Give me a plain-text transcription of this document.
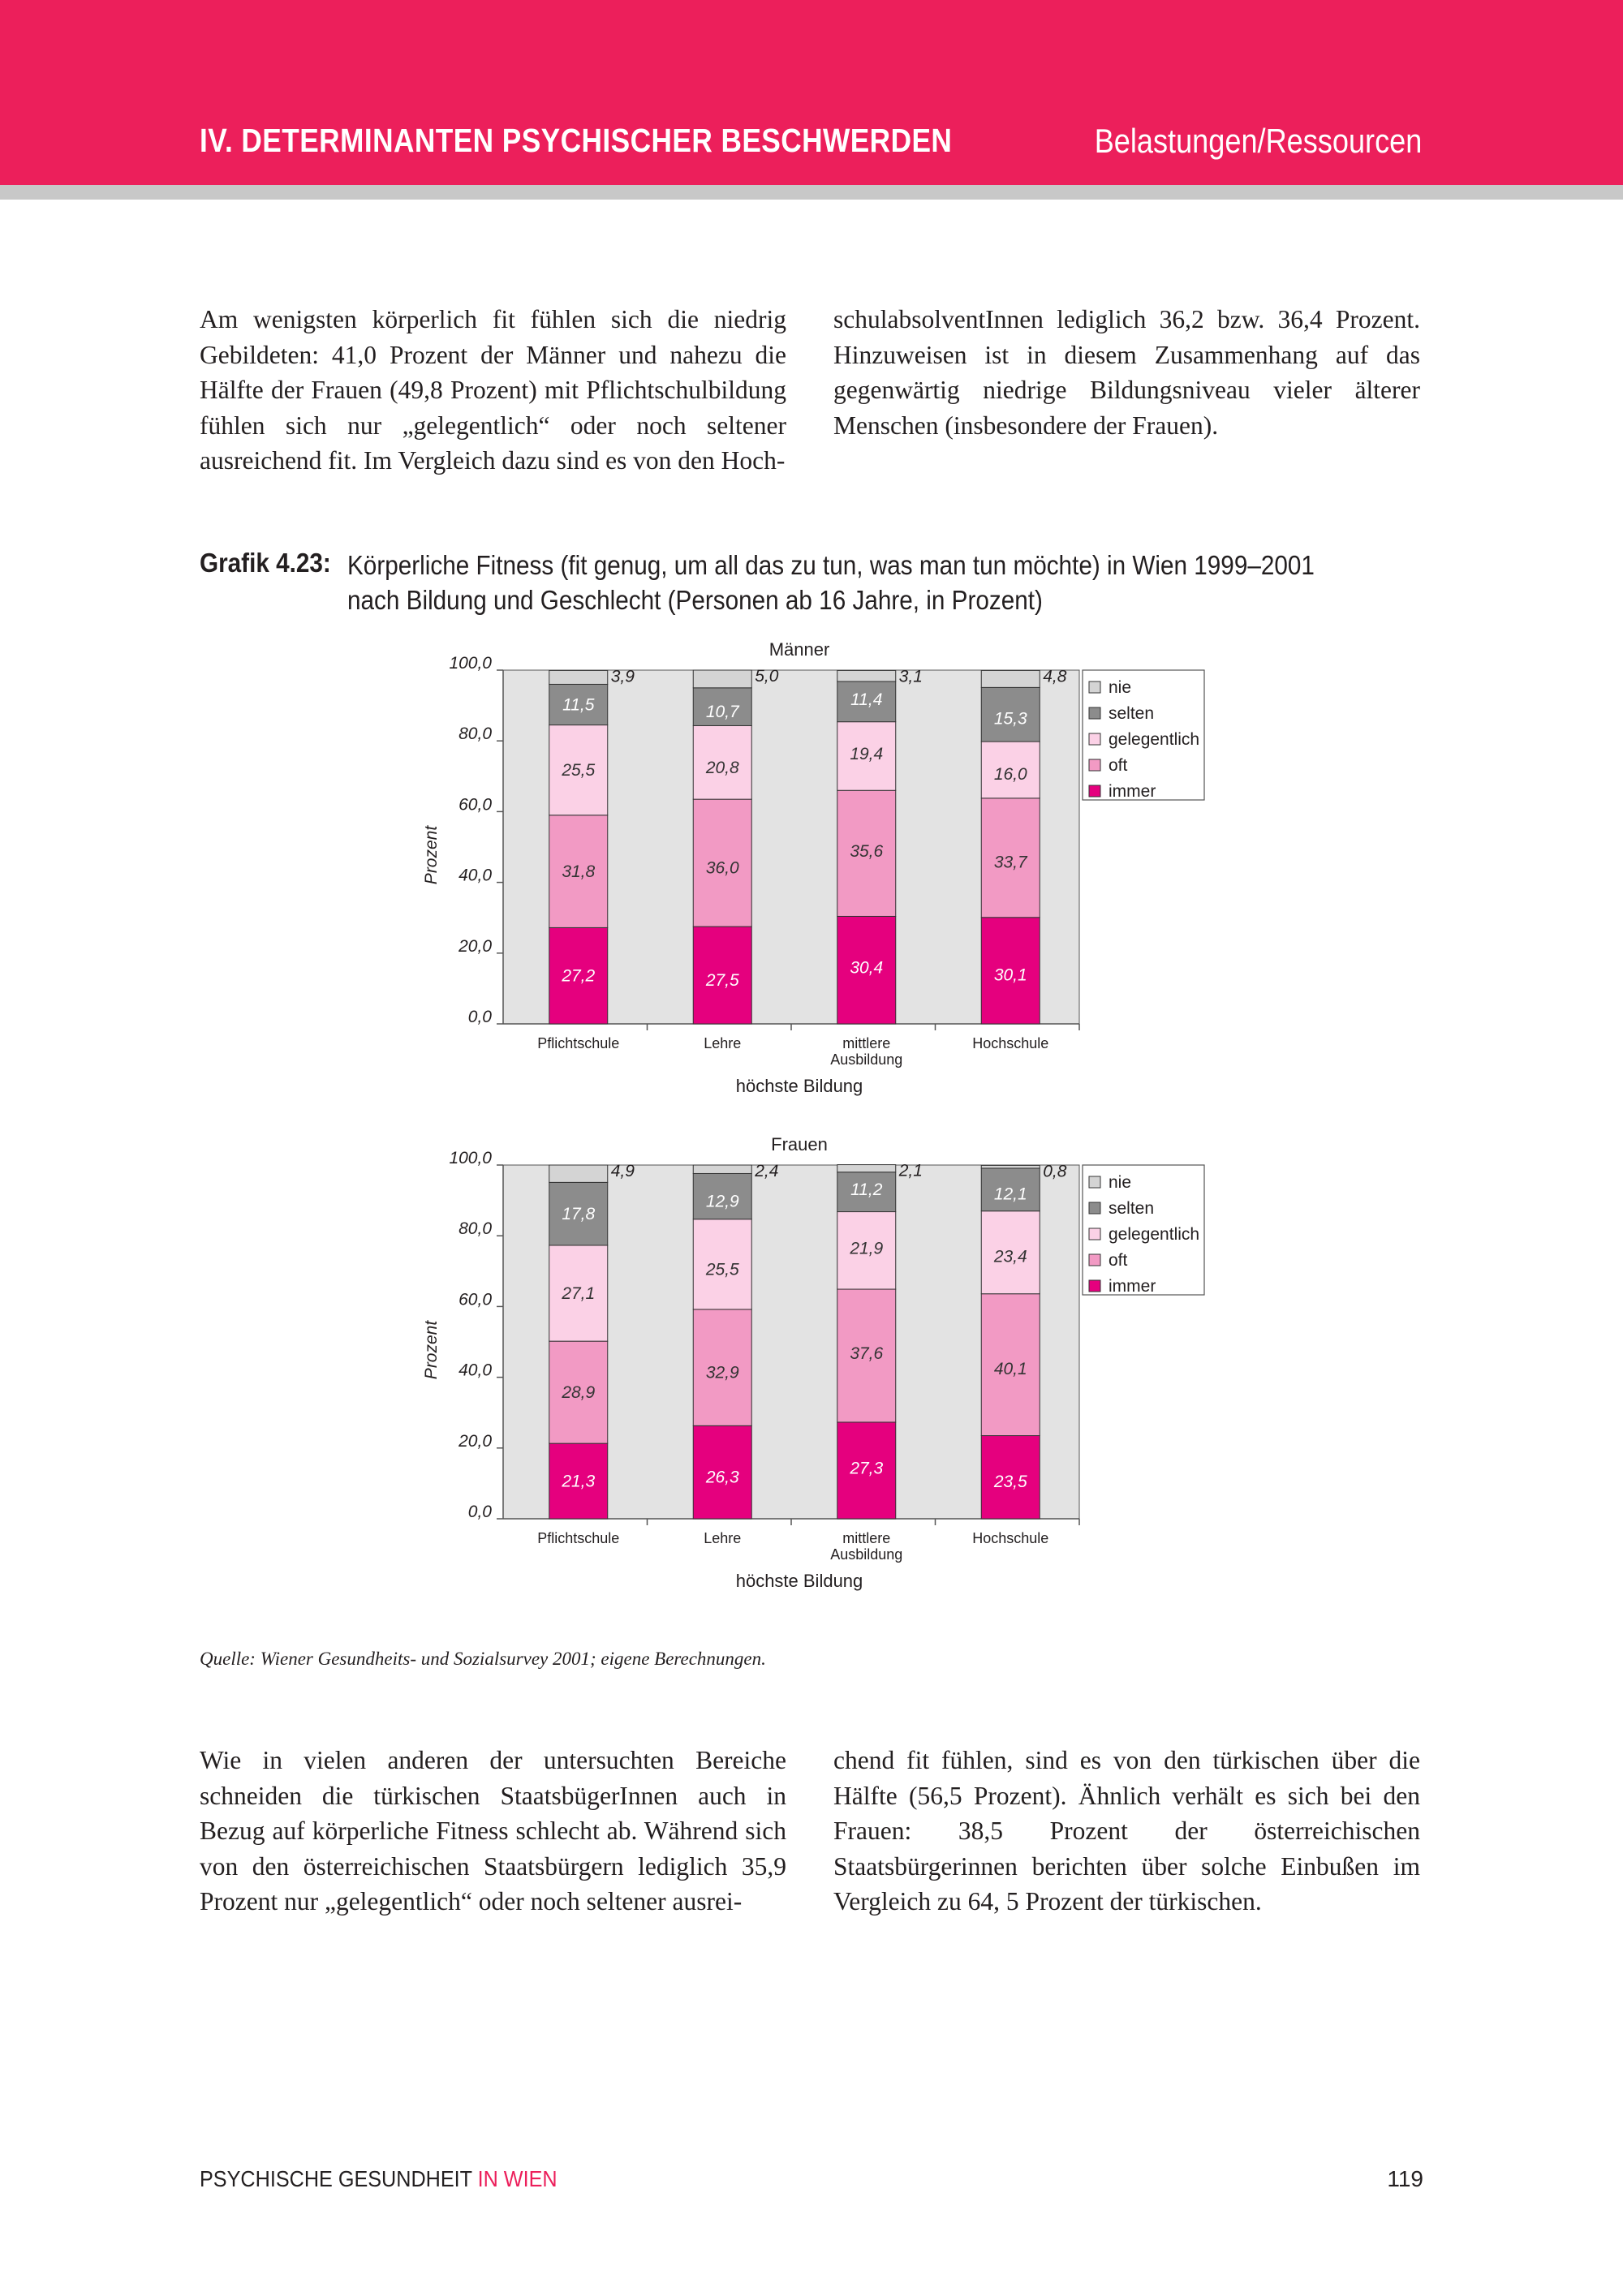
IV. DETERMINANTEN PSYCHISCHER BESCHWERDEN	Belastungen/Ressourcen

Am wenigsten körperlich fit fühlen sich die niedrig Gebildeten: 41,0 Prozent der Männer und nahezu die Hälfte der Frauen (49,8 Prozent) mit Pflichtschulbildung fühlen sich nur „gelegentlich“ oder noch seltener ausreichend fit. Im Vergleich dazu sind es von den Hoch-

schulabsolventInnen lediglich 36,2 bzw. 36,4 Prozent. Hinzuweisen ist in diesem Zusammenhang auf das gegenwärtig niedrige Bildungsniveau vieler älterer Menschen (insbesondere der Frauen).

Grafik 4.23: Körperliche Fitness (fit genug, um all das zu tun, was man tun möchte) in Wien 1999–2001 nach Bildung und Geschlecht (Personen ab 16 Jahre, in Prozent)
Männer
0,0
20,0
40,0
60,0
80,0
100,0
Prozent
27,2
31,8
25,5
11,5
3,9
Pflichtschule
27,5
36,0
20,8
10,7
5,0
Lehre
30,4
35,6
19,4
11,4
3,1
mittlere
Ausbildung
30,1
33,7
16,0
15,3
4,8
Hochschule
höchste Bildung
nie
selten
gelegentlich
oft
immer
Frauen
0,0
20,0
40,0
60,0
80,0
100,0
Prozent
21,3
28,9
27,1
17,8
4,9
Pflichtschule
26,3
32,9
25,5
12,9
2,4
Lehre
27,3
37,6
21,9
11,2
2,1
mittlere
Ausbildung
23,5
40,1
23,4
12,1
0,8
Hochschule
höchste Bildung
nie
selten
gelegentlich
oft
immer
Quelle: Wiener Gesundheits- und Sozialsurvey 2001; eigene Berechnungen.

Wie in vielen anderen der untersuchten Bereiche schneiden die türkischen StaatsbügerInnen auch in Bezug auf körperliche Fitness schlecht ab. Während sich von den österreichischen Staatsbürgern lediglich 35,9 Prozent nur „gelegentlich“ oder noch seltener ausrei-

chend fit fühlen, sind es von den türkischen über die Hälfte (56,5 Prozent). Ähnlich verhält es sich bei den Frauen: 38,5 Prozent der österreichischen Staatsbürgerinnen berichten über solche Einbußen im Vergleich zu 64, 5 Prozent der türkischen.

PSYCHISCHE GESUNDHEIT IN WIEN	119
